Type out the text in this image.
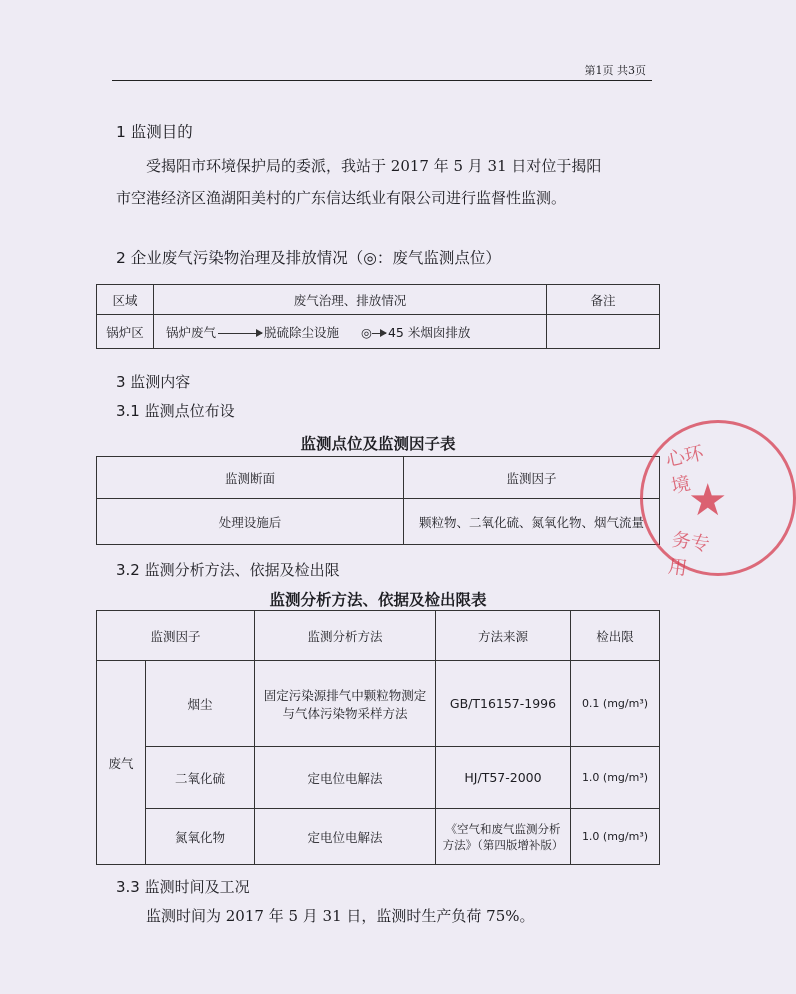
第1页 共3页
1 监测目的
受揭阳市环境保护局的委派，我站于 2017 年 5 月 31 日对位于揭阳
市空港经济区渔湖阳美村的广东信达纸业有限公司进行监督性监测。
2 企业废气污染物治理及排放情况（◎：废气监测点位）
区域	废气治理、排放情况	备注
锅炉区	锅炉废气 脱硫除尘设施 ◎ 45 米烟囱排放	
3 监测内容
3.1 监测点位布设
监测点位及监测因子表
监测断面	监测因子
处理设施后	颗粒物、二氧化硫、氮氧化物、烟气流量
3.2 监测分析方法、依据及检出限
监测分析方法、依据及检出限表
监测因子		监测分析方法	方法来源	检出限
废气	烟尘	固定污染源排气中颗粒物测定与气体污染物采样方法	GB/T16157-1996	0.1 (mg/m³)
	二氧化硫	定电位电解法	HJ/T57-2000	1.0 (mg/m³)
	氮氧化物	定电位电解法	《空气和废气监测分析方法》（第四版增补版）	1.0 (mg/m³)
3.3 监测时间及工况
监测时间为 2017 年 5 月 31 日，监测时生产负荷 75%。
心环境
★
务专用
